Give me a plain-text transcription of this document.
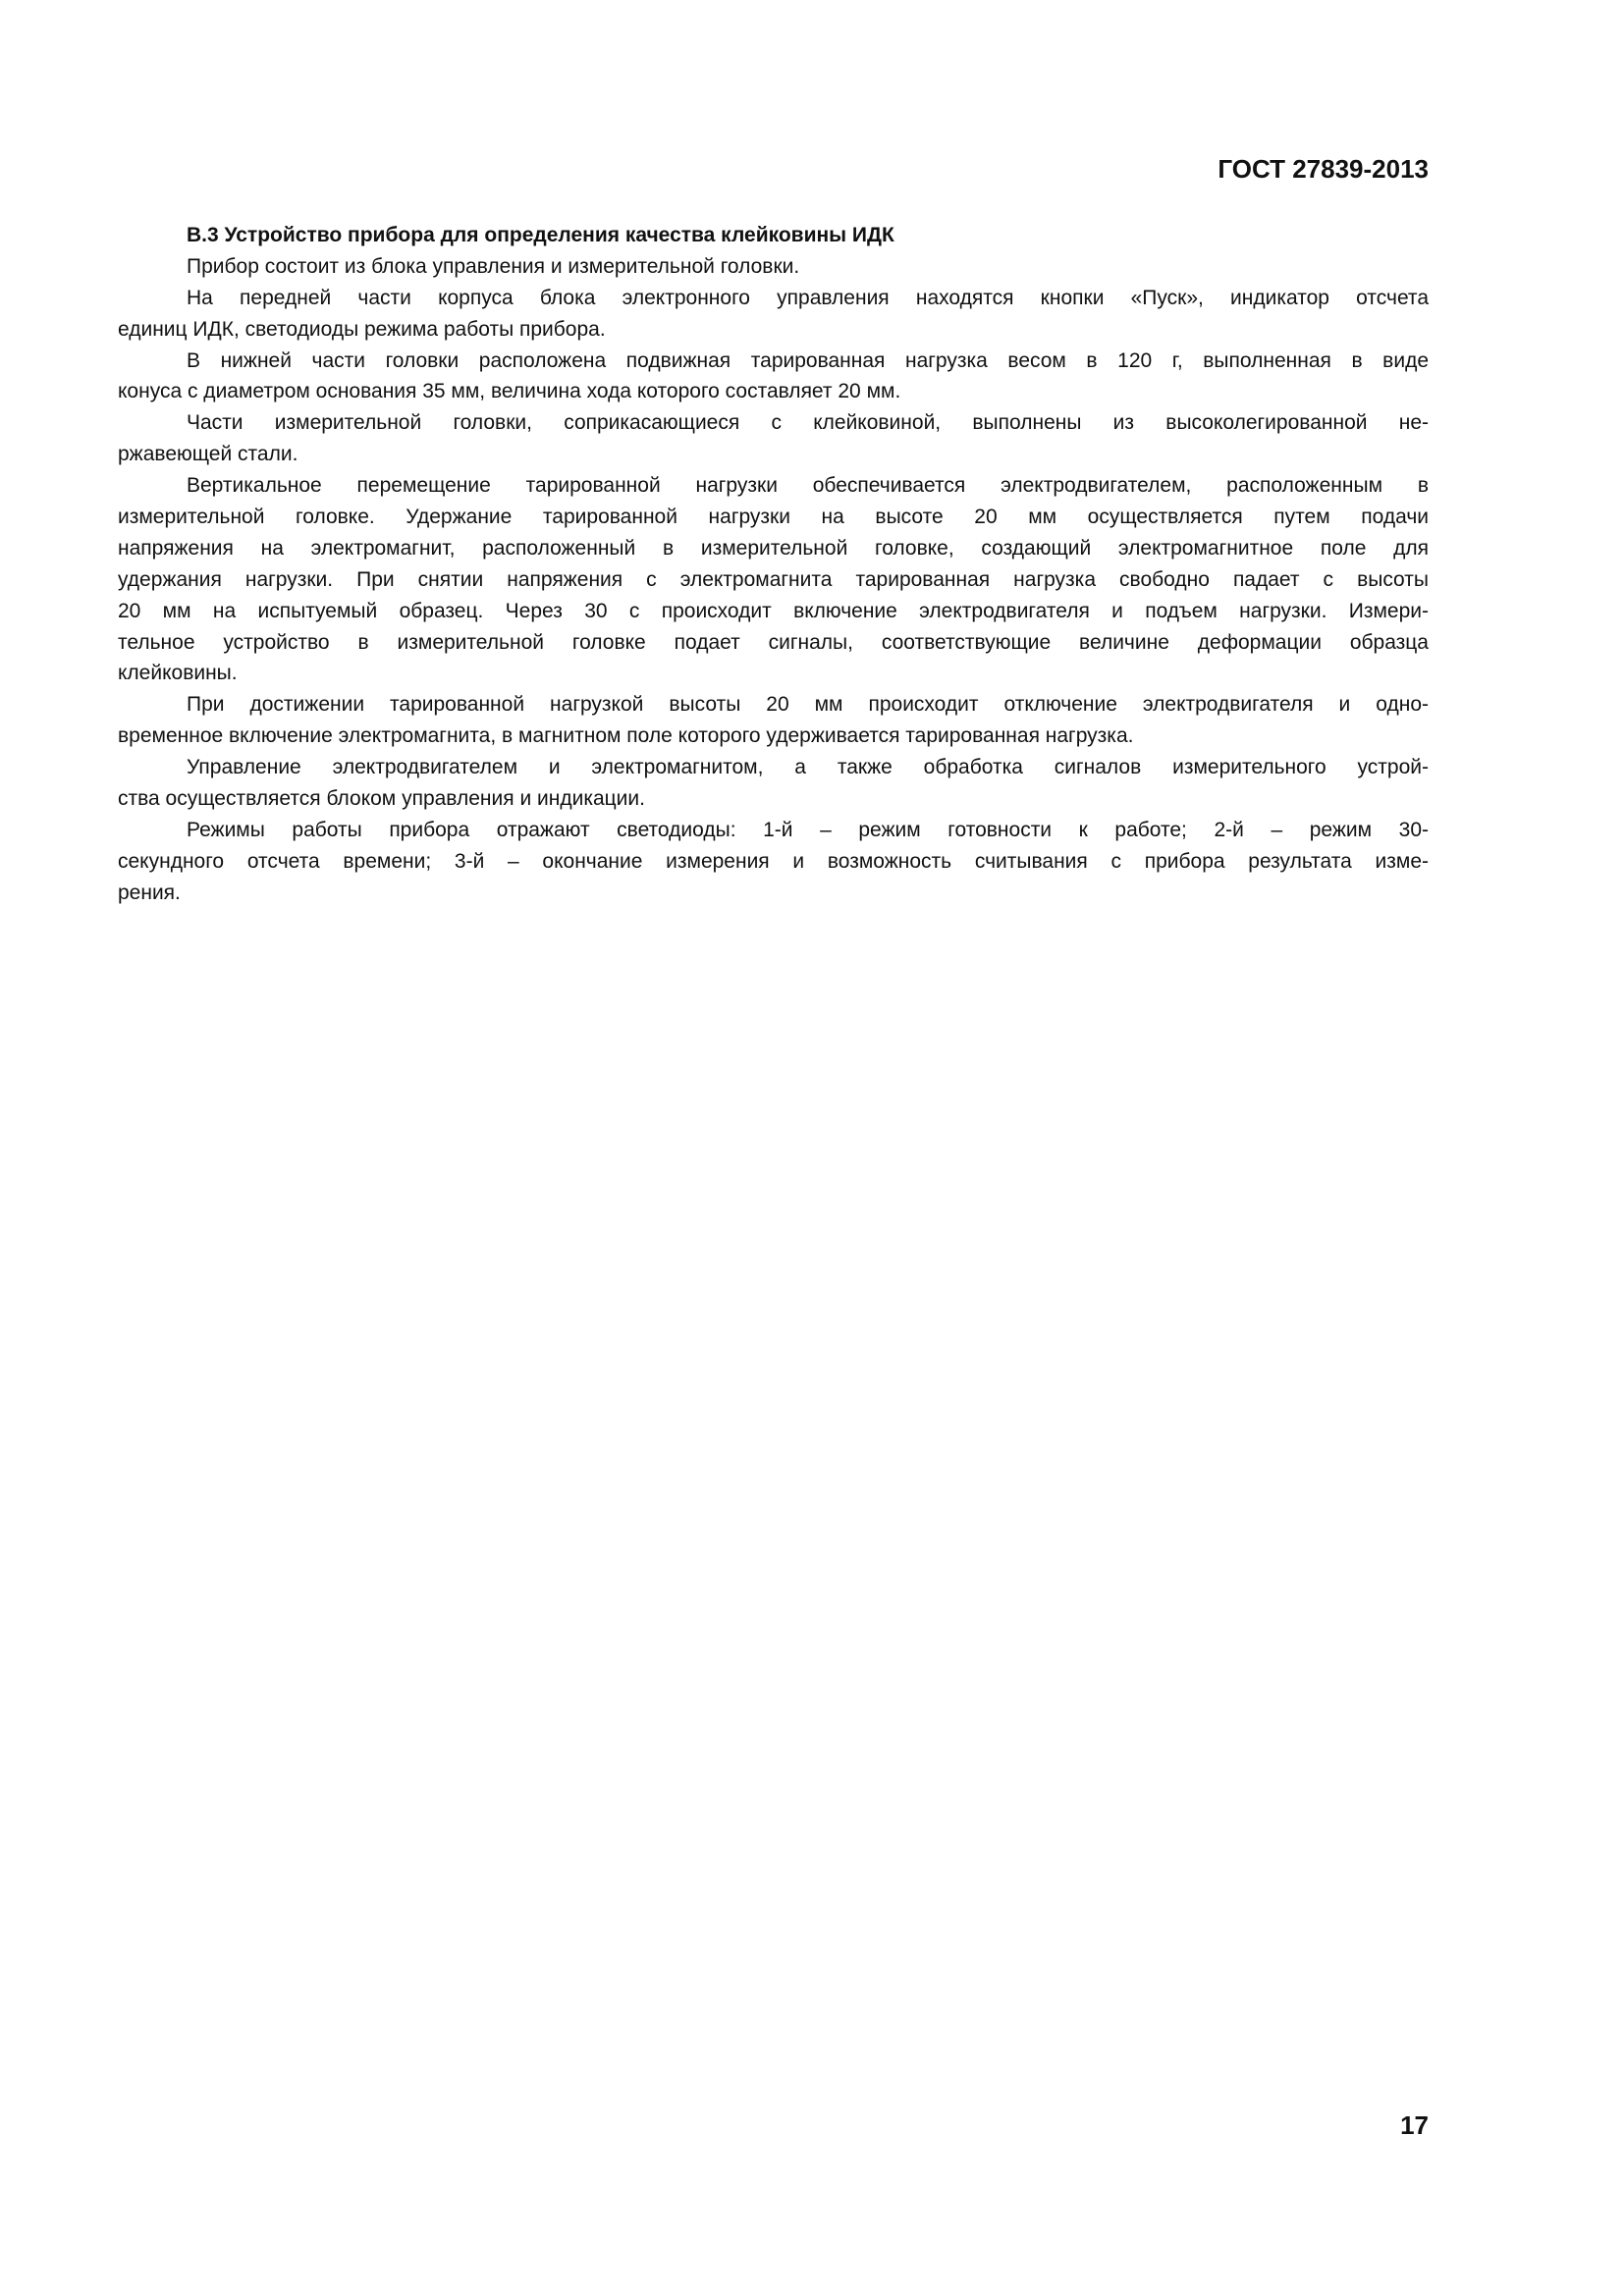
ГОСТ 27839-2013
В.3 Устройство прибора для определения качества клейковины ИДК
Прибор состоит из блока управления и измерительной головки.
На передней части корпуса блока электронного управления находятся кнопки «Пуск», индикатор отсчета
единиц ИДК, светодиоды режима работы прибора.
В нижней части головки расположена подвижная тарированная нагрузка весом в 120 г, выполненная в виде
конуса с диаметром основания 35 мм, величина хода которого составляет 20 мм.
Части измерительной головки, соприкасающиеся с клейковиной, выполнены из высоколегированной не-
ржавеющей стали.
Вертикальное перемещение тарированной нагрузки обеспечивается электродвигателем, расположенным в
измерительной головке. Удержание тарированной нагрузки на высоте 20 мм осуществляется путем подачи
напряжения на электромагнит, расположенный в измерительной головке, создающий электромагнитное поле для
удержания нагрузки. При снятии напряжения с электромагнита тарированная нагрузка свободно падает с высоты
20 мм на испытуемый образец. Через 30 с происходит включение электродвигателя и подъем нагрузки. Измери-
тельное устройство в измерительной головке подает сигналы, соответствующие величине деформации образца
клейковины.
При достижении тарированной нагрузкой высоты 20 мм происходит отключение электродвигателя и одно-
временное включение электромагнита, в магнитном поле которого удерживается тарированная нагрузка.
Управление электродвигателем и электромагнитом, а также обработка сигналов измерительного устрой-
ства осуществляется блоком управления и индикации.
Режимы работы прибора отражают светодиоды: 1-й – режим готовности к работе; 2-й – режим 30-
секундного отсчета времени; 3-й – окончание измерения и возможность считывания с прибора результата изме-
рения.
17
